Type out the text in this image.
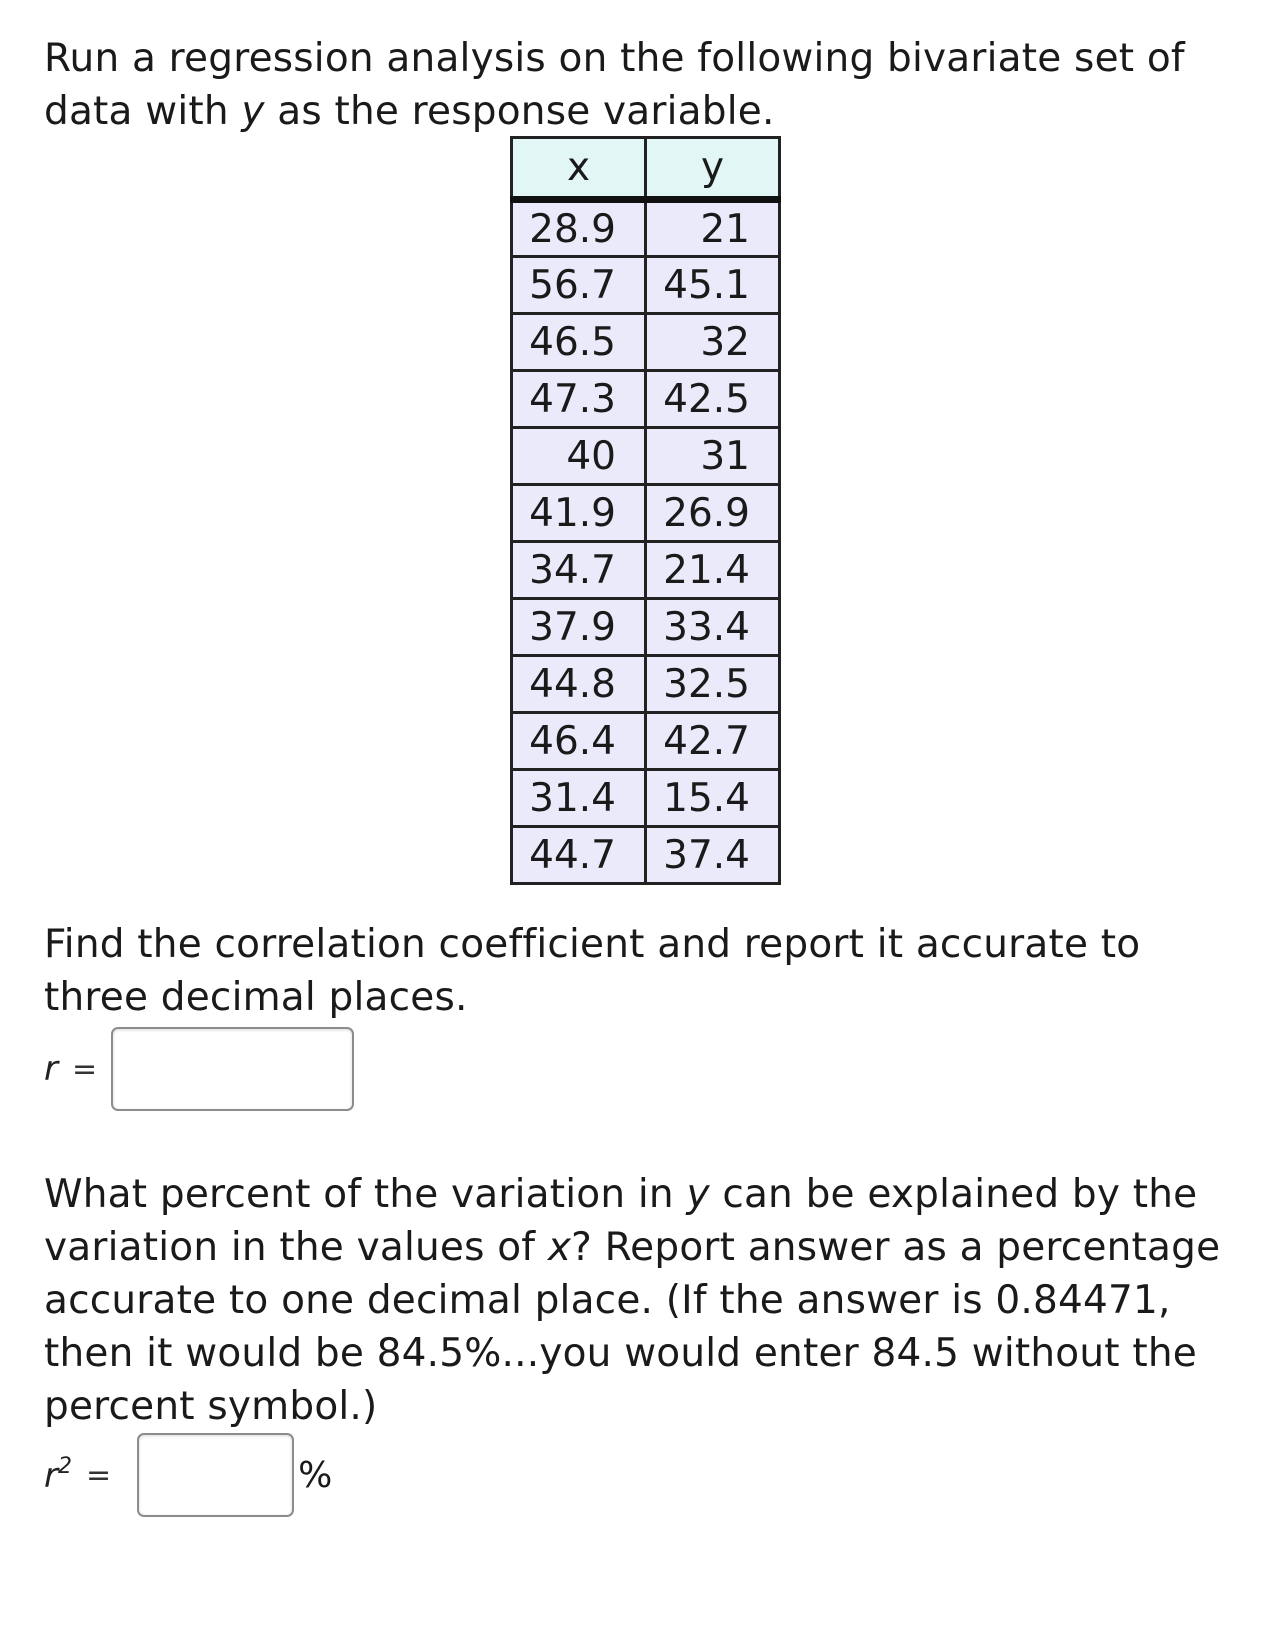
Run a regression analysis on the following bivariate set of data with y as the response variable.

x	y
28.9	21
56.7	45.1
46.5	32
47.3	42.5
40	31
41.9	26.9
34.7	21.4
37.9	33.4
44.8	32.5
46.4	42.7
31.4	15.4
44.7	37.4

Find the correlation coefficient and report it accurate to three decimal places.

r =

What percent of the variation in y can be explained by the variation in the values of x? Report answer as a percentage accurate to one decimal place. (If the answer is 0.84471, then it would be 84.5%...you would enter 84.5 without the percent symbol.)

$r^2$ =	%
